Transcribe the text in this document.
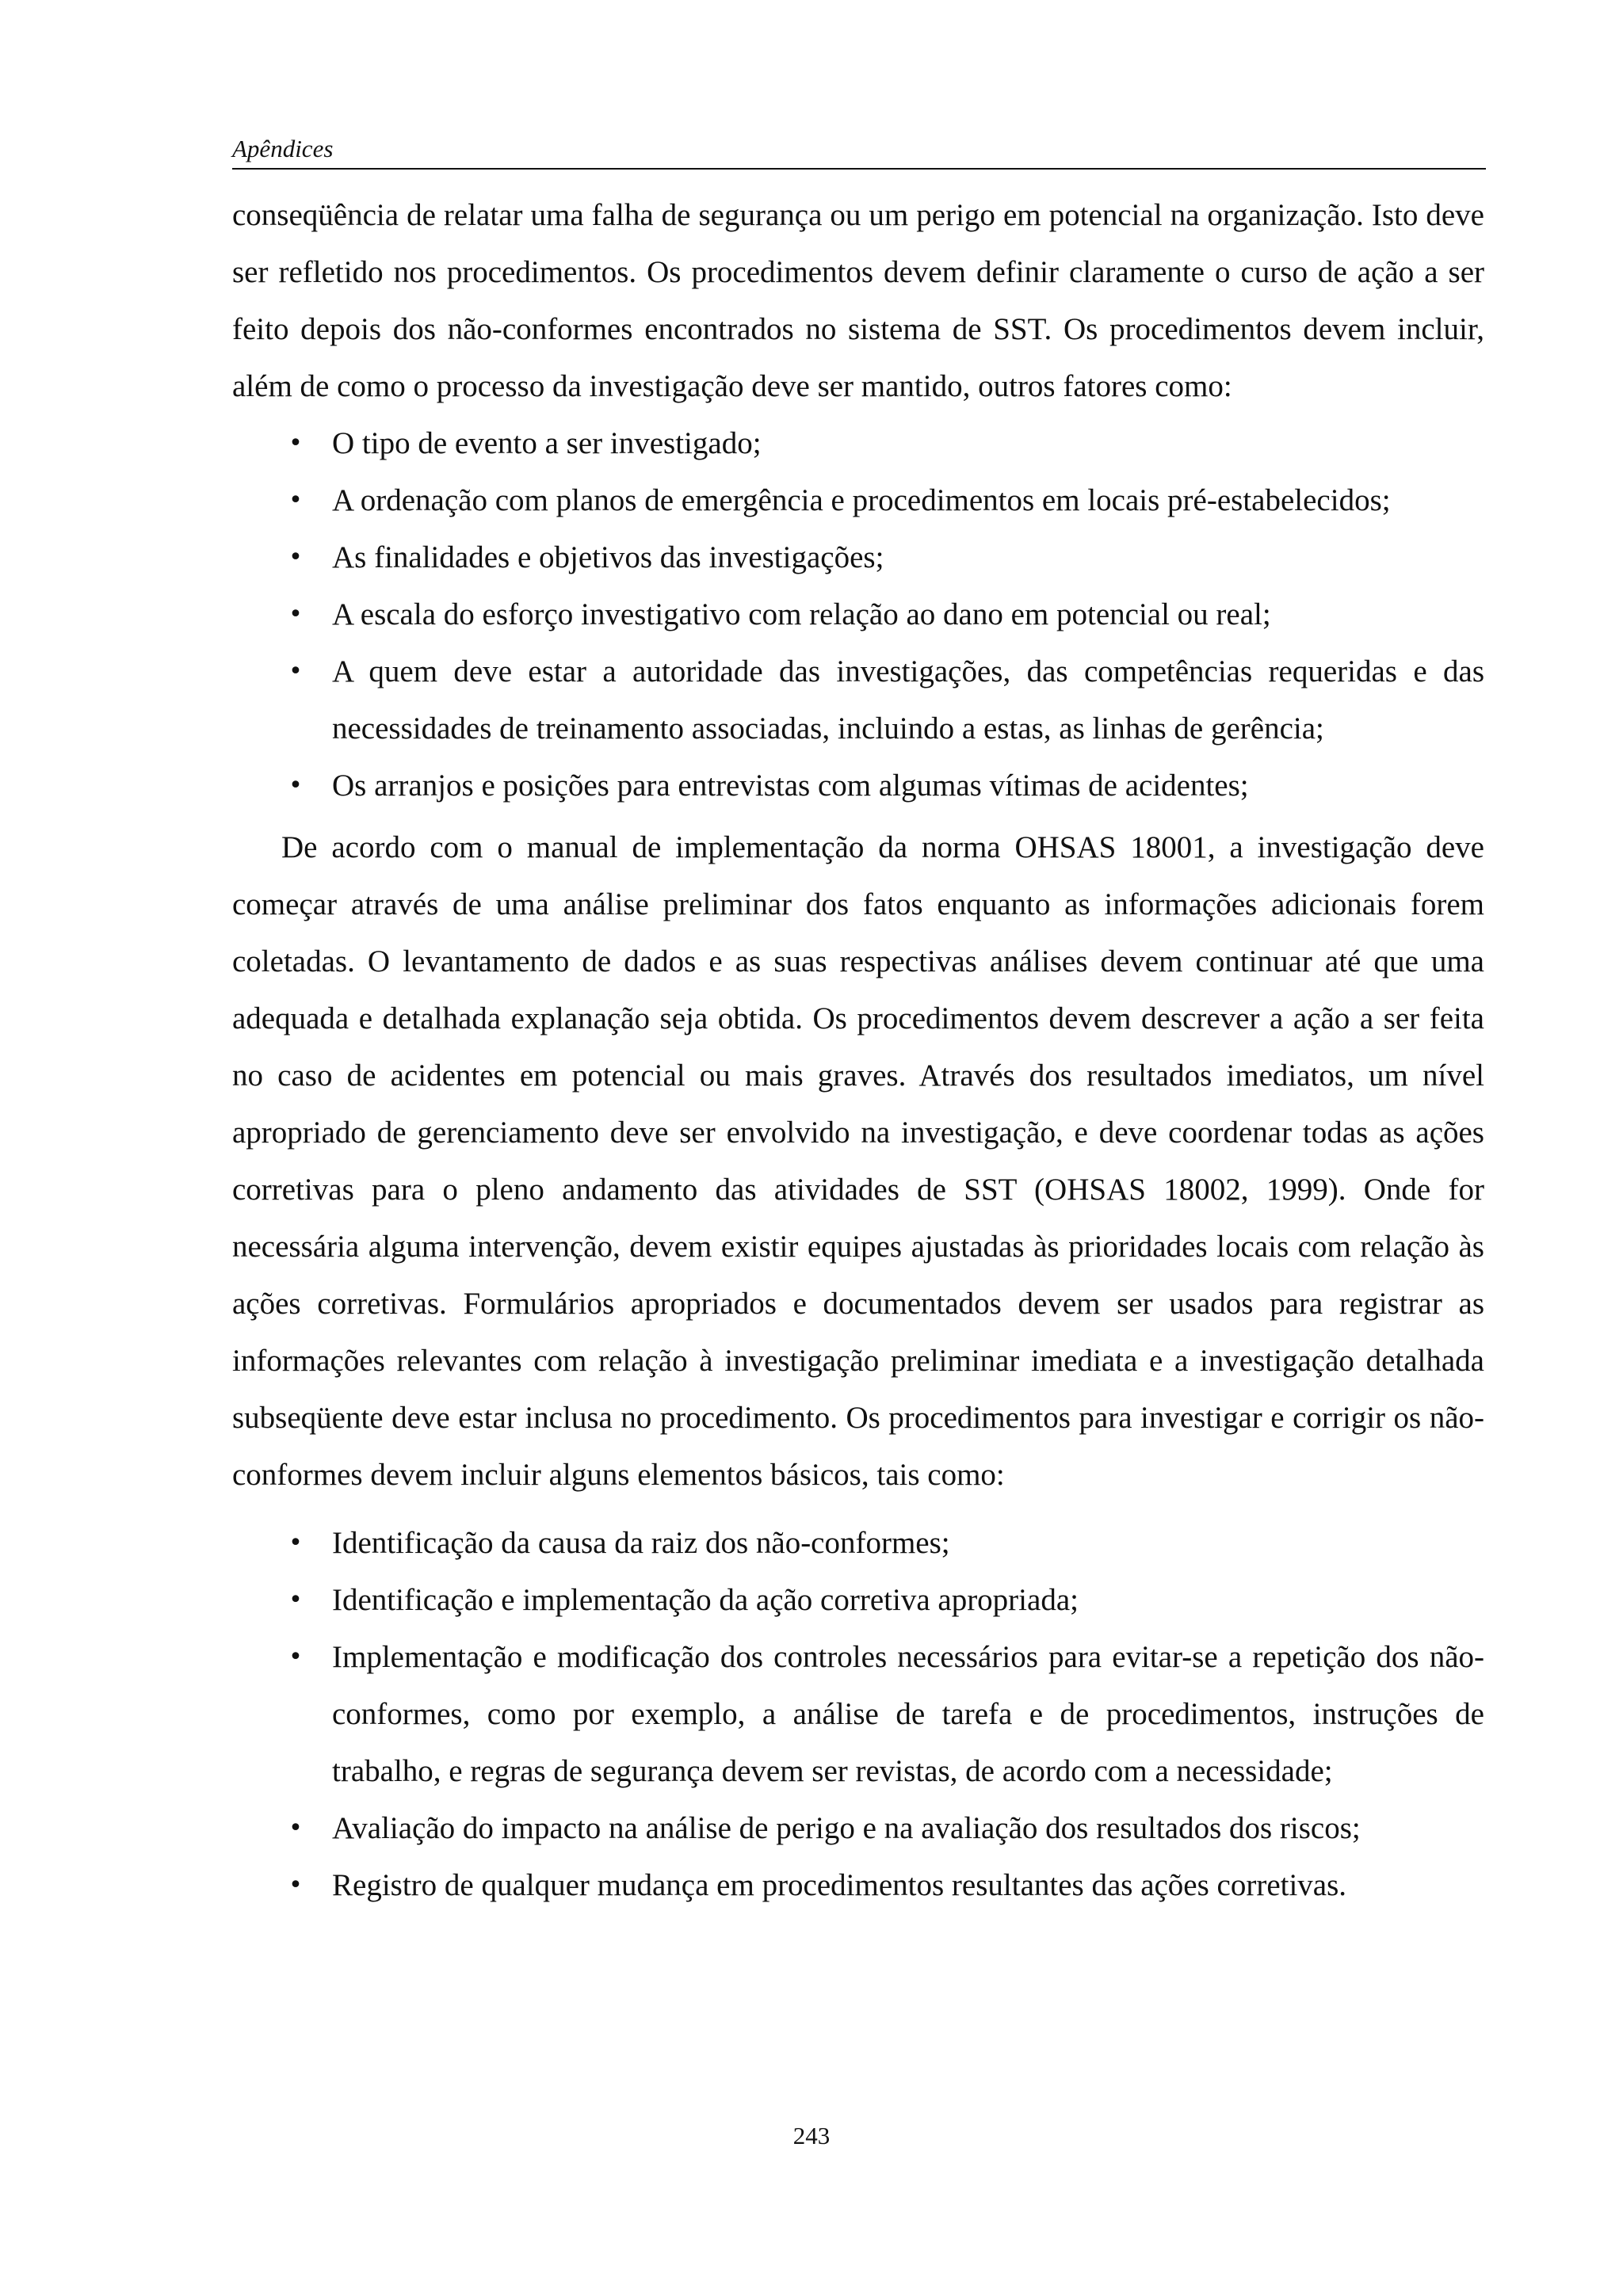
Apêndices

conseqüência de relatar uma falha de segurança ou um perigo em potencial na organização. Isto deve ser refletido nos procedimentos. Os procedimentos devem definir claramente o curso de ação a ser feito depois dos não-conformes encontrados no sistema de SST. Os procedimentos devem incluir, além de como o processo da investigação deve ser mantido, outros fatores como:

• O tipo de evento a ser investigado;
• A ordenação com planos de emergência e procedimentos em locais pré-estabelecidos;
• As finalidades e objetivos das investigações;
• A escala do esforço investigativo com relação ao dano em potencial ou real;
• A quem deve estar a autoridade das investigações, das competências requeridas e das necessidades de treinamento associadas, incluindo a estas, as linhas de gerência;
• Os arranjos e posições para entrevistas com algumas vítimas de acidentes;

De acordo com o manual de implementação da norma OHSAS 18001, a investigação deve começar através de uma análise preliminar dos fatos enquanto as informações adicionais forem coletadas. O levantamento de dados e as suas respectivas análises devem continuar até que uma adequada e detalhada explanação seja obtida. Os procedimentos devem descrever a ação a ser feita no caso de acidentes em potencial ou mais graves. Através dos resultados imediatos, um nível apropriado de gerenciamento deve ser envolvido na investigação, e deve coordenar todas as ações corretivas para o pleno andamento das atividades de SST (OHSAS 18002, 1999). Onde for necessária alguma intervenção, devem existir equipes ajustadas às prioridades locais com relação às ações corretivas. Formulários apropriados e documentados devem ser usados para registrar as informações relevantes com relação à investigação preliminar imediata e a investigação detalhada subseqüente deve estar inclusa no procedimento. Os procedimentos para investigar e corrigir os não-conformes devem incluir alguns elementos básicos, tais como:

• Identificação da causa da raiz dos não-conformes;
• Identificação e implementação da ação corretiva apropriada;
• Implementação e modificação dos controles necessários para evitar-se a repetição dos não-conformes, como por exemplo, a análise de tarefa e de procedimentos, instruções de trabalho, e regras de segurança devem ser revistas, de acordo com a necessidade;
• Avaliação do impacto na análise de perigo e na avaliação dos resultados dos riscos;
• Registro de qualquer mudança em procedimentos resultantes das ações corretivas.
243
